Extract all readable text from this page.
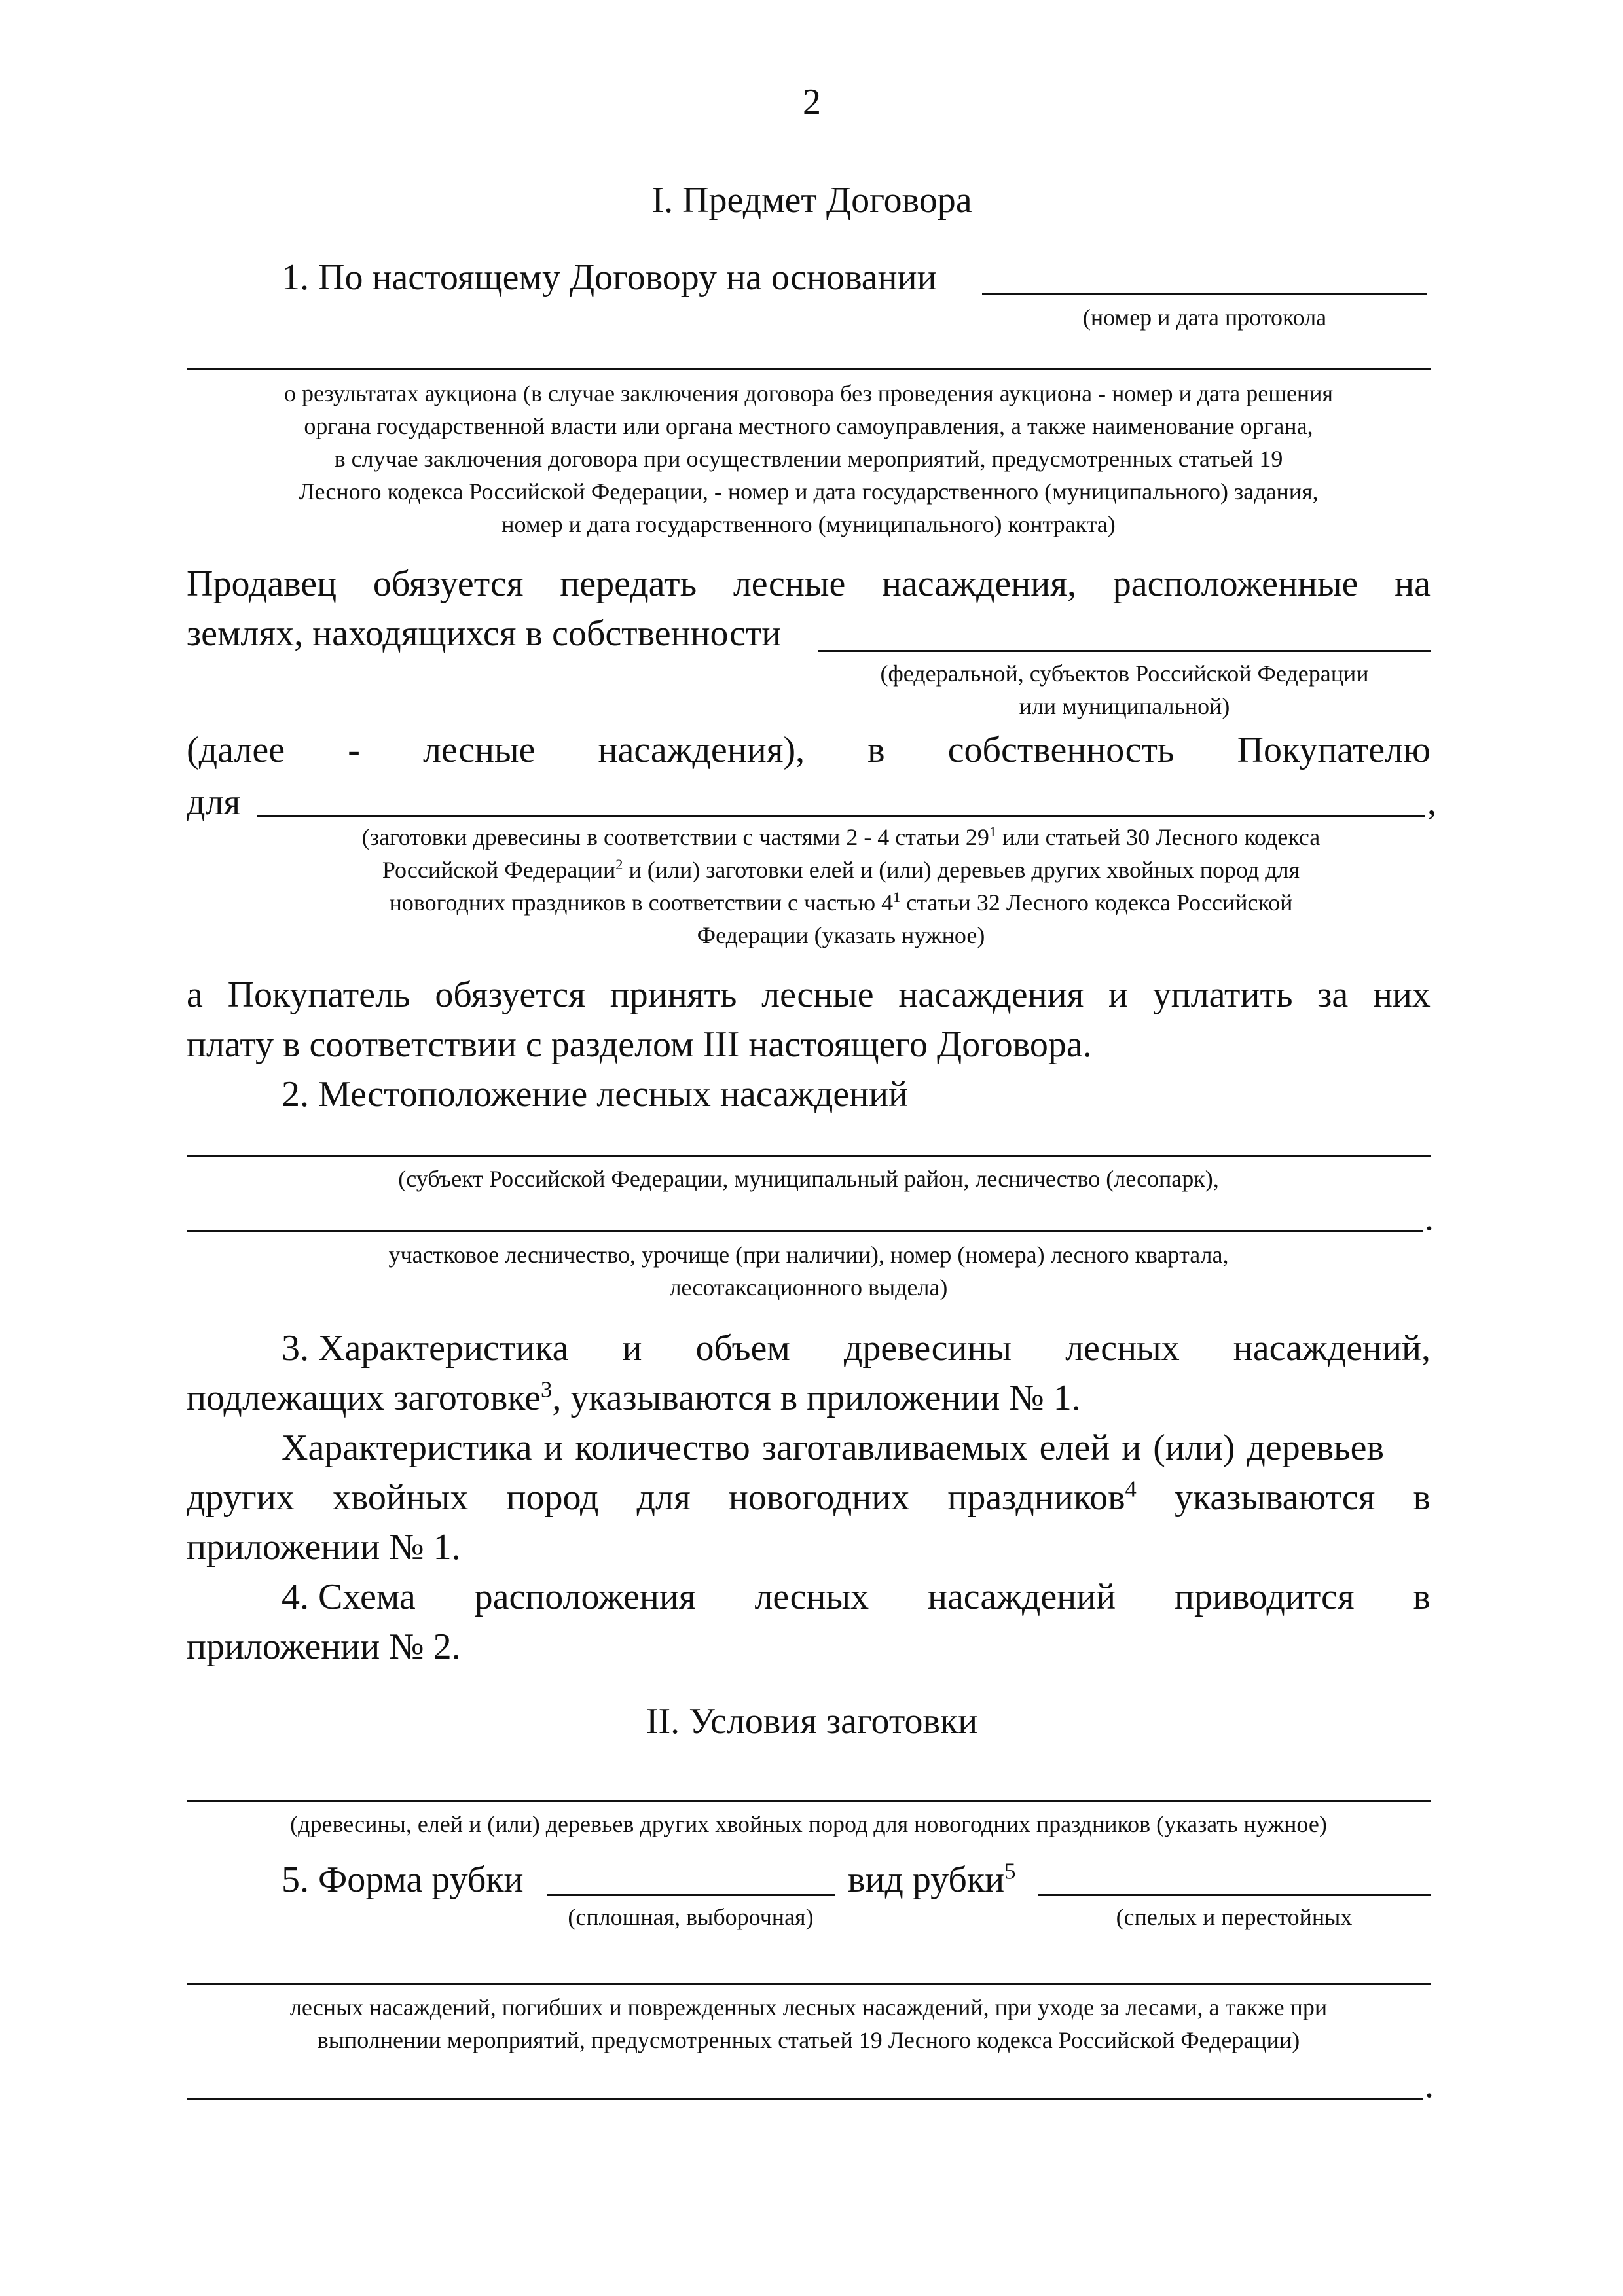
2
I. Предмет Договора
1. По настоящему Договору на основании
(номер и дата протокола
о результатах аукциона (в случае заключения договора без проведения аукциона - номер и дата решения
органа государственной власти или органа местного самоуправления, а также наименование органа,
в случае заключения договора при осуществлении мероприятий, предусмотренных статьей 19
Лесного кодекса Российской Федерации, - номер и дата государственного (муниципального) задания,
номер и дата государственного (муниципального) контракта)
Продавец обязуется передать лесные насаждения, расположенные на
землях, находящихся в собственности
(федеральной, субъектов Российской Федерации
или муниципальной)
(далее - лесные насаждения), в собственность Покупателю
для	,
(заготовки древесины в соответствии с частями 2 - 4 статьи $29^1$ или статьей 30 Лесного кодекса
Российской Федерации$^2$ и (или) заготовки елей и (или) деревьев других хвойных пород для
новогодних праздников в соответствии с частью $4^1$ статьи 32 Лесного кодекса Российской
Федерации (указать нужное)
а Покупатель обязуется принять лесные насаждения и уплатить за них
плату в соответствии с разделом III настоящего Договора.
2. Местоположение лесных насаждений
(субъект Российской Федерации, муниципальный район, лесничество (лесопарк),
.
участковое лесничество, урочище (при наличии), номер (номера) лесного квартала,
лесотаксационного выдела)
3. Характеристика и объем древесины лесных насаждений,
подлежащих заготовке$^3$, указываются в приложении № 1.
Характеристика и количество заготавливаемых елей и (или) деревьев
других хвойных пород для новогодних праздников$^4$ указываются в
приложении № 1.
4. Схема расположения лесных насаждений приводится в
приложении № 2.
II. Условия заготовки
(древесины, елей и (или) деревьев других хвойных пород для новогодних праздников (указать нужное)
5. Форма рубки	вид рубки$^5$
(сплошная, выборочная)	(спелых и перестойных
лесных насаждений, погибших и поврежденных лесных насаждений, при уходе за лесами, а также при
выполнении мероприятий, предусмотренных статьей 19 Лесного кодекса Российской Федерации)
.
